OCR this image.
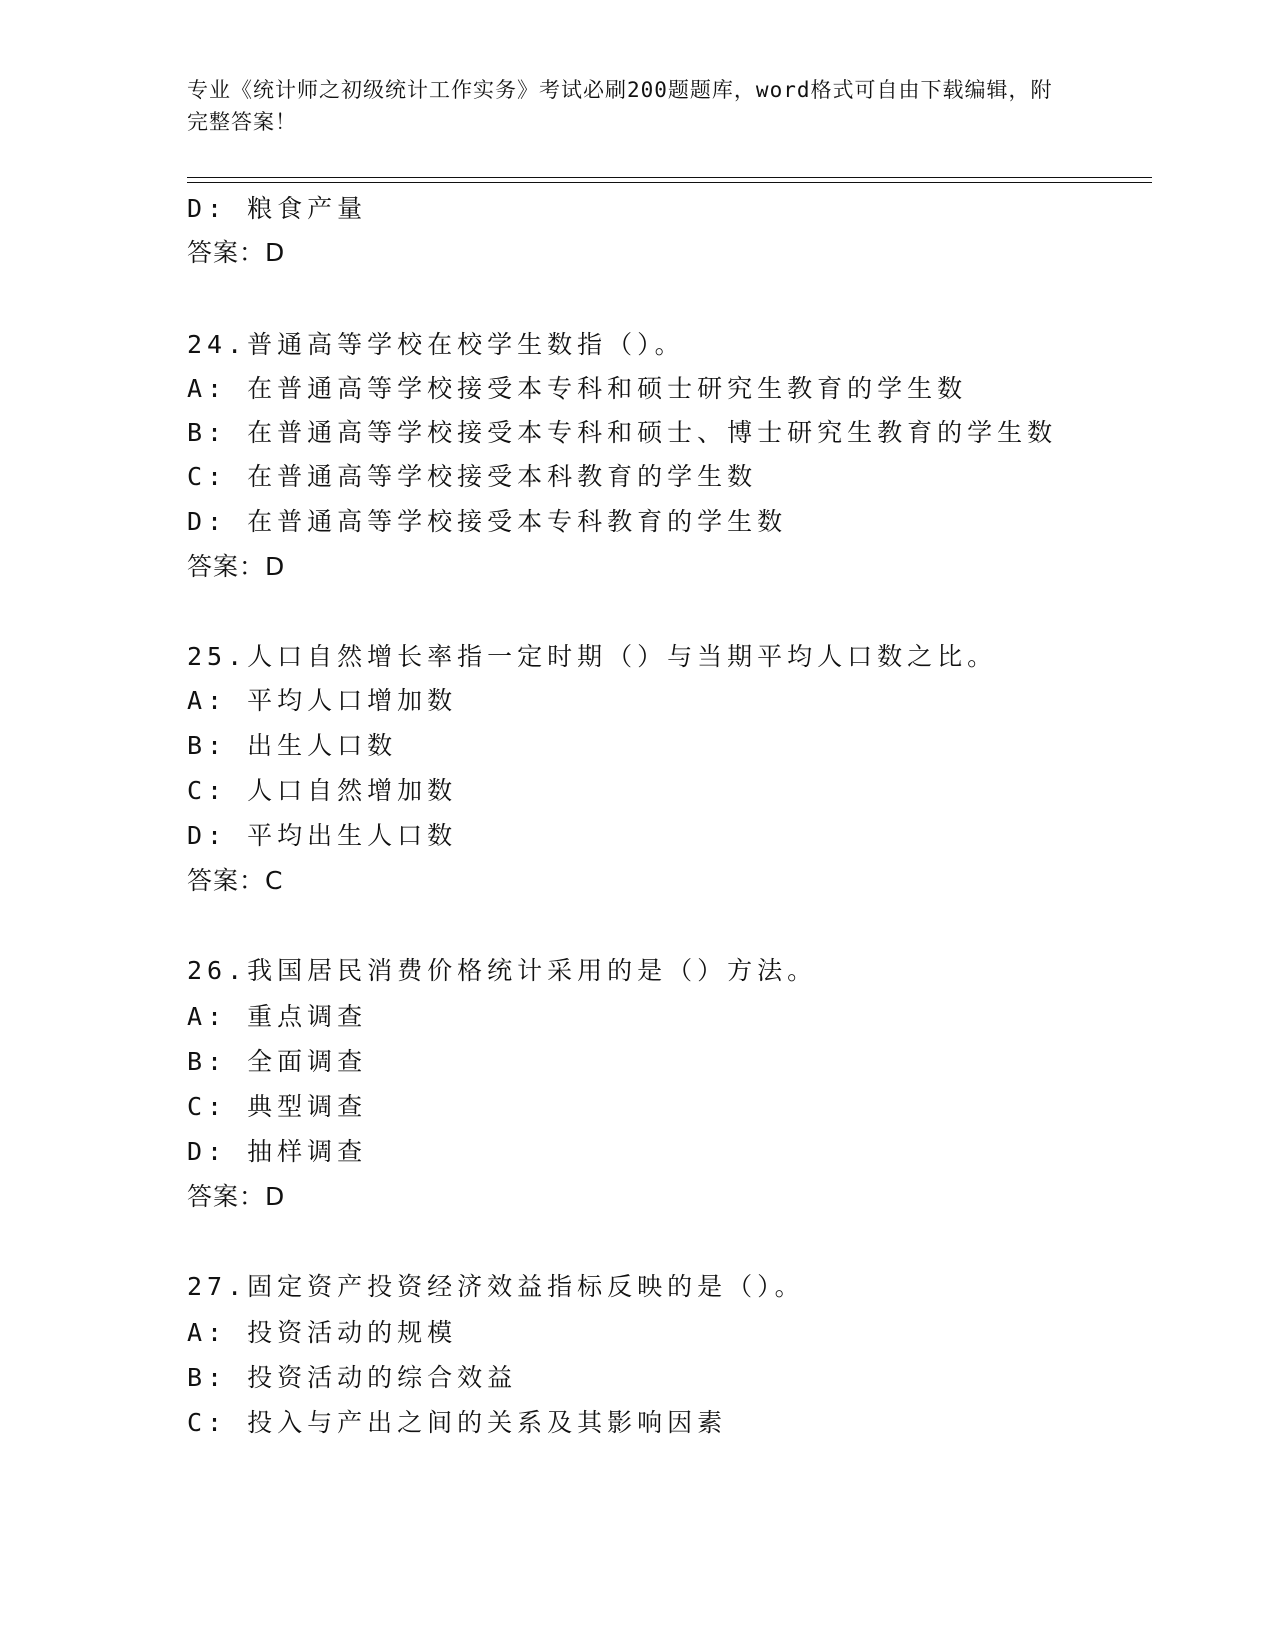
专业《统计师之初级统计工作实务》考试必刷200题题库，word格式可自由下载编辑，附完整答案！
D: 粮食产量
答案：D
24.普通高等学校在校学生数指（）。
A: 在普通高等学校接受本专科和硕士研究生教育的学生数
B: 在普通高等学校接受本专科和硕士、博士研究生教育的学生数
C: 在普通高等学校接受本科教育的学生数
D: 在普通高等学校接受本专科教育的学生数
答案：D
25.人口自然增长率指一定时期（）与当期平均人口数之比。
A: 平均人口增加数
B: 出生人口数
C: 人口自然增加数
D: 平均出生人口数
答案：C
26.我国居民消费价格统计采用的是（）方法。
A: 重点调查
B: 全面调查
C: 典型调查
D: 抽样调查
答案：D
27.固定资产投资经济效益指标反映的是（）。
A: 投资活动的规模
B: 投资活动的综合效益
C: 投入与产出之间的关系及其影响因素
